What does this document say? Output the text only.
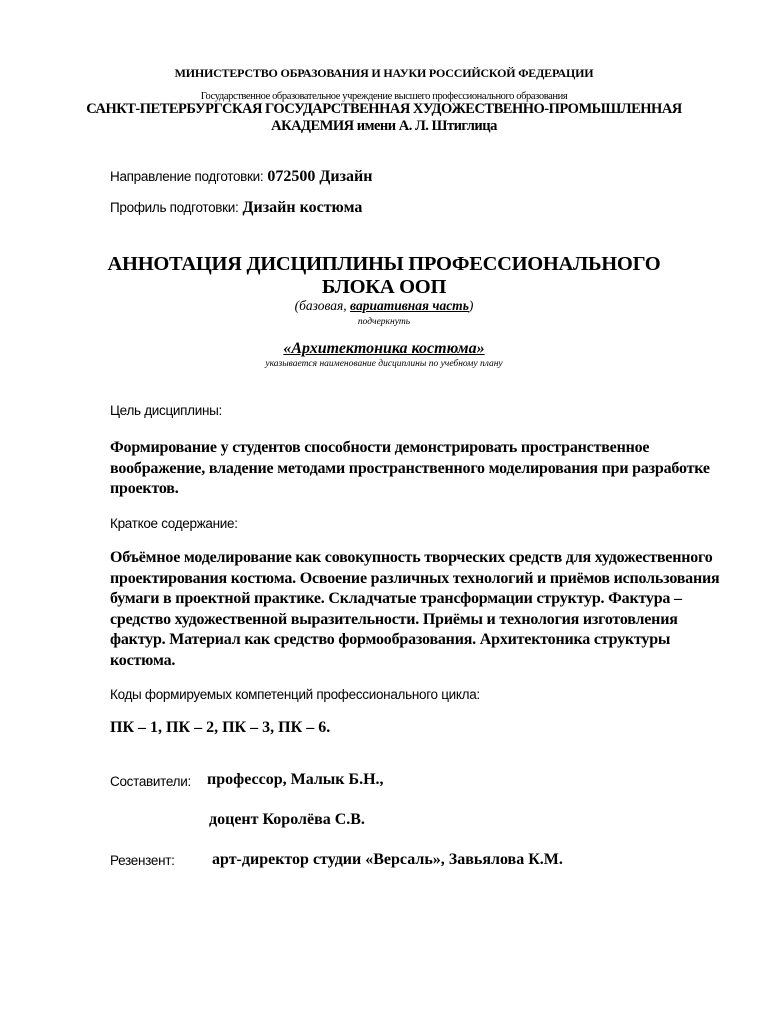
МИНИСТЕРСТВО ОБРАЗОВАНИЯ И НАУКИ РОССИЙСКОЙ ФЕДЕРАЦИИ
Государственное образовательное учреждение высшего профессионального образования
САНКТ-ПЕТЕРБУРГСКАЯ ГОСУДАРСТВЕННАЯ ХУДОЖЕСТВЕННО-ПРОМЫШЛЕННАЯ
АКАДЕМИЯ имени А. Л. Штиглица
Направление подготовки: 072500 Дизайн
Профиль подготовки: Дизайн костюма
АННОТАЦИЯ ДИСЦИПЛИНЫ ПРОФЕССИОНАЛЬНОГО
БЛОКА ООП
(базовая, вариативная часть)
подчеркнуть
«Архитектоника костюма»
указывается наименование дисциплины по учебному плану
Цель дисциплины:
Формирование у студентов способности демонстрировать пространственное воображение, владение методами пространственного моделирования при разработке проектов.
Краткое содержание:
Объёмное моделирование как совокупность творческих средств для художественного проектирования костюма. Освоение различных технологий и приёмов использования бумаги в проектной практике. Складчатые трансформации структур. Фактура – средство художественной выразительности. Приёмы и технология изготовления фактур. Материал как средство формообразования. Архитектоника структуры костюма.
Коды формируемых компетенций профессионального цикла:
ПК – 1, ПК – 2, ПК – 3, ПК – 6.
Составители: профессор, Малык Б.Н.,
доцент Королёва С.В.
Резензент: арт-директор студии «Версаль», Завьялова К.М.
